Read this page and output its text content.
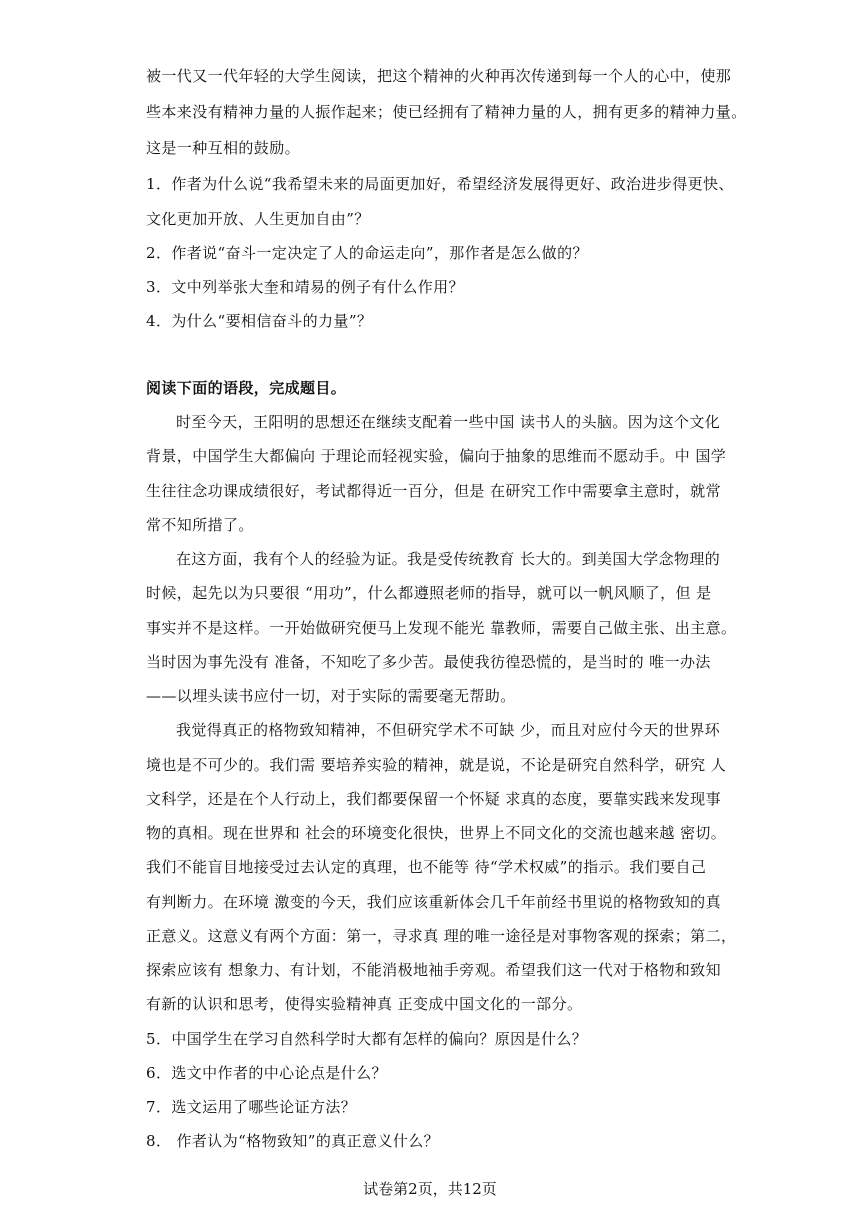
被一代又一代年轻的大学生阅读，把这个精神的火种再次传递到每一个人的心中，使那
些本来没有精神力量的人振作起来；使已经拥有了精神力量的人，拥有更多的精神力量。
这是一种互相的鼓励。
1．作者为什么说“我希望未来的局面更加好，希望经济发展得更好、政治进步得更快、
文化更加开放、人生更加自由”？
2．作者说“奋斗一定决定了人的命运走向”，那作者是怎么做的？
3．文中列举张大奎和靖易的例子有什么作用？
4．为什么“要相信奋斗的力量”？
阅读下面的语段，完成题目。
时至今天，王阳明的思想还在继续支配着一些中国 读书人的头脑。因为这个文化
背景，中国学生大都偏向 于理论而轻视实验，偏向于抽象的思维而不愿动手。中 国学
生往往念功课成绩很好，考试都得近一百分，但是 在研究工作中需要拿主意时，就常
常不知所措了。
在这方面，我有个人的经验为证。我是受传统教育 长大的。到美国大学念物理的
时候，起先以为只要很 “用功”，什么都遵照老师的指导，就可以一帆风顺了，但 是
事实并不是这样。一开始做研究便马上发现不能光 靠教师，需要自己做主张、出主意。
当时因为事先没有 准备，不知吃了多少苦。最使我彷徨恐慌的，是当时的 唯一办法
——以埋头读书应付一切，对于实际的需要毫无帮助。
我觉得真正的格物致知精神，不但研究学术不可缺 少，而且对应付今天的世界环
境也是不可少的。我们需 要培养实验的精神，就是说，不论是研究自然科学，研究 人
文科学，还是在个人行动上，我们都要保留一个怀疑 求真的态度，要靠实践来发现事
物的真相。现在世界和 社会的环境变化很快，世界上不同文化的交流也越来越 密切。
我们不能盲目地接受过去认定的真理，也不能等 待“学术权威”的指示。我们要自己
有判断力。在环境 激变的今天，我们应该重新体会几千年前经书里说的格物致知的真
正意义。这意义有两个方面：第一，寻求真 理的唯一途径是对事物客观的探索；第二，
探索应该有 想象力、有计划，不能消极地袖手旁观。希望我们这一代对于格物和致知
有新的认识和思考，使得实验精神真 正变成中国文化的一部分。
5．中国学生在学习自然科学时大都有怎样的偏向？原因是什么？
6．选文中作者的中心论点是什么？
7．选文运用了哪些论证方法？
8． 作者认为“格物致知”的真正意义什么？
试卷第2页，共12页
